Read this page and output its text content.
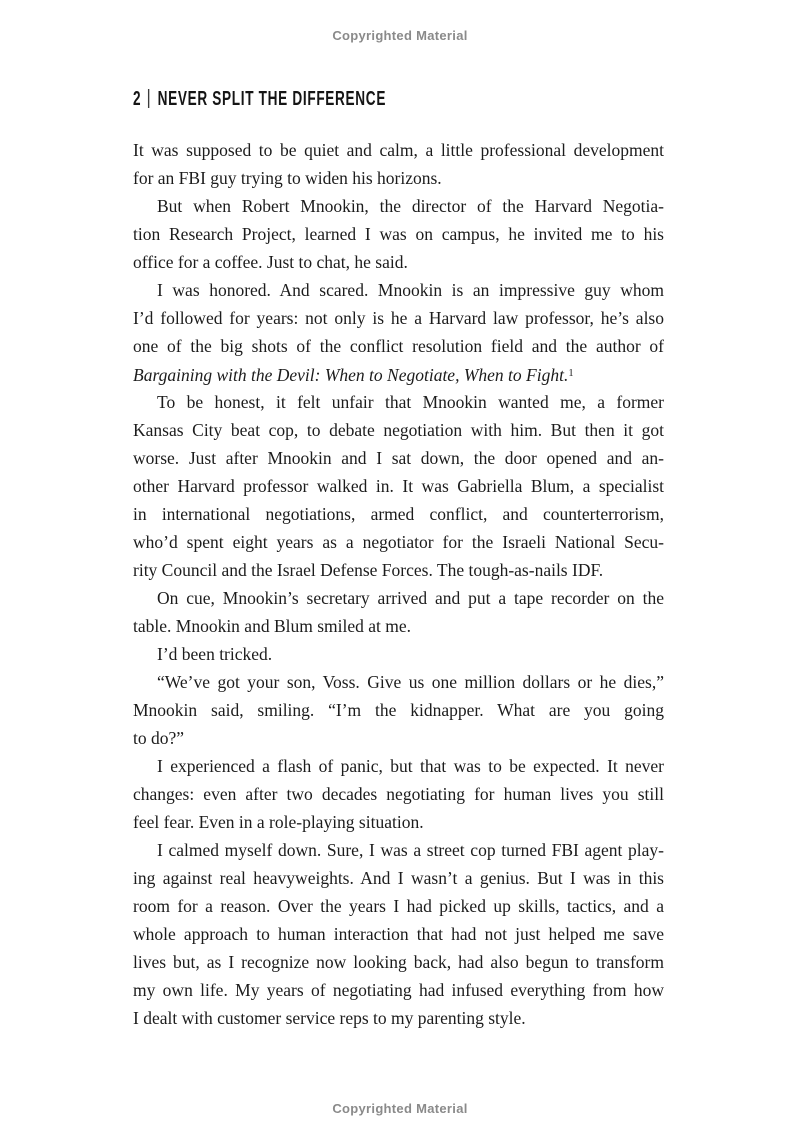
Copyrighted Material
2 NEVER SPLIT THE DIFFERENCE

It was supposed to be quiet and calm, a little professional development
for an FBI guy trying to widen his horizons.

But when Robert Mnookin, the director of the Harvard Negotia-
tion Research Project, learned I was on campus, he invited me to his
office for a coffee. Just to chat, he said.

I was honored. And scared. Mnookin is an impressive guy whom
I’d followed for years: not only is he a Harvard law professor, he’s also
one of the big shots of the conflict resolution field and the author of
Bargaining with the Devil: When to Negotiate, When to Fight.$^1$

To be honest, it felt unfair that Mnookin wanted me, a former
Kansas City beat cop, to debate negotiation with him. But then it got
worse. Just after Mnookin and I sat down, the door opened and an-
other Harvard professor walked in. It was Gabriella Blum, a specialist
in international negotiations, armed conflict, and counterterrorism,
who’d spent eight years as a negotiator for the Israeli National Secu-
rity Council and the Israel Defense Forces. The tough-as-nails IDF.

On cue, Mnookin’s secretary arrived and put a tape recorder on the
table. Mnookin and Blum smiled at me.

I’d been tricked.

“We’ve got your son, Voss. Give us one million dollars or he dies,”
Mnookin said, smiling. “I’m the kidnapper. What are you going
to do?”

I experienced a flash of panic, but that was to be expected. It never
changes: even after two decades negotiating for human lives you still
feel fear. Even in a role-playing situation.

I calmed myself down. Sure, I was a street cop turned FBI agent play-
ing against real heavyweights. And I wasn’t a genius. But I was in this
room for a reason. Over the years I had picked up skills, tactics, and a
whole approach to human interaction that had not just helped me save
lives but, as I recognize now looking back, had also begun to transform
my own life. My years of negotiating had infused everything from how
I dealt with customer service reps to my parenting style.

Copyrighted Material
